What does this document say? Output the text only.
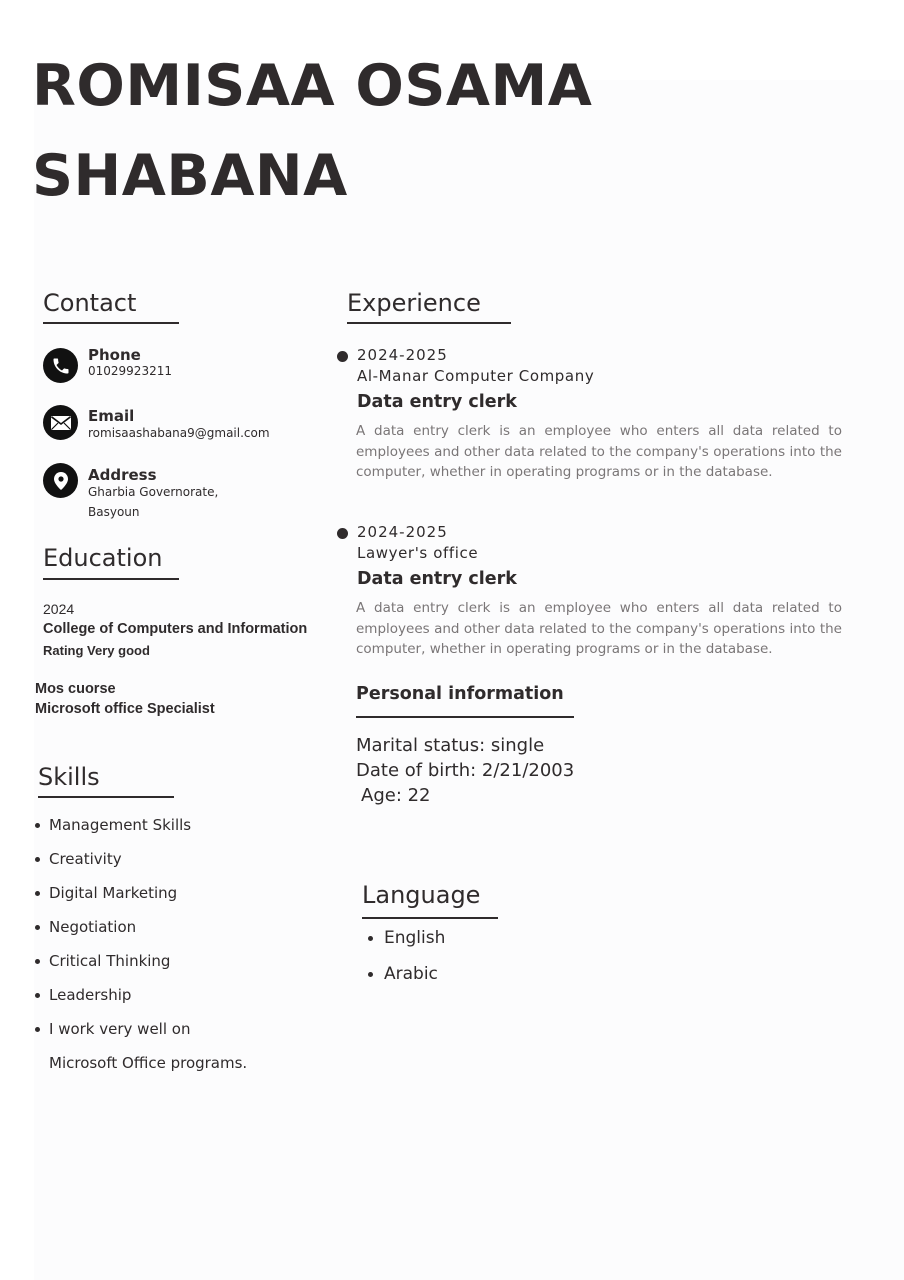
ROMISAA OSAMA
SHABANA
Contact
Phone
01029923211
Email
romisaashabana9@gmail.com
Address
Gharbia Governorate,
Basyoun
Education
2024
College of Computers and Information
Rating Very good
Mos cuorse
Microsoft office Specialist
Skills
Management Skills
Creativity
Digital Marketing
Negotiation
Critical Thinking
Leadership
I work very well on
Microsoft Office programs.
Experience
2024-2025
Al-Manar Computer Company
Data entry clerk
A data entry clerk is an employee who enters all data related to employees and other data related to the company's operations into the computer, whether in operating programs or in the database.
2024-2025
Lawyer's office
Data entry clerk
A data entry clerk is an employee who enters all data related to employees and other data related to the company's operations into the computer, whether in operating programs or in the database.
Personal information
Marital status: single
Date of birth: 2/21/2003
Age: 22
Language
English
Arabic
